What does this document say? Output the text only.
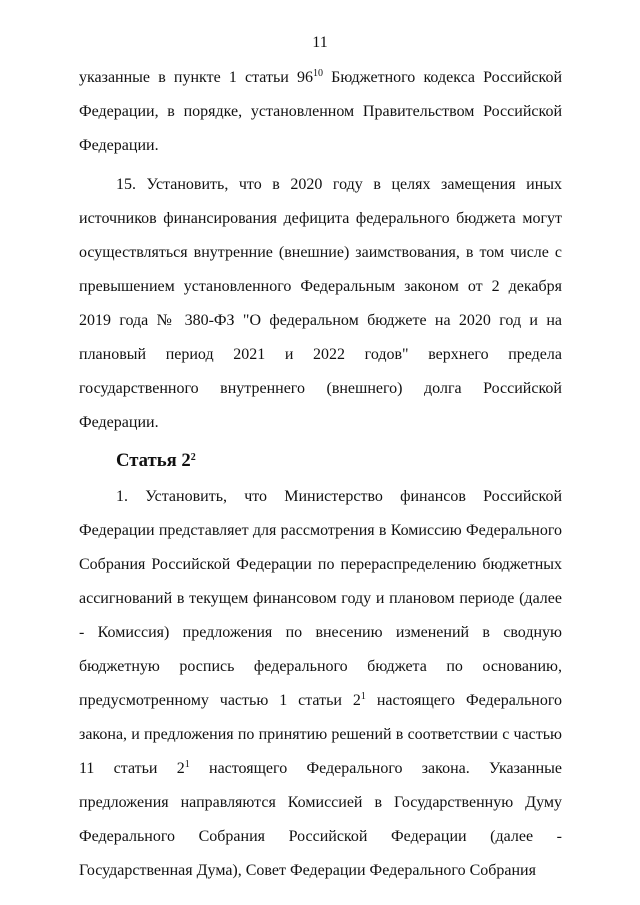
11

указанные в пункте 1 статьи $96^{10}$ Бюджетного кодекса Российской Федерации, в порядке, установленном Правительством Российской Федерации.

15. Установить, что в 2020 году в целях замещения иных источников финансирования дефицита федерального бюджета могут осуществляться внутренние (внешние) заимствования, в том числе с превышением установленного Федеральным законом от 2 декабря 2019 года № 380-ФЗ "О федеральном бюджете на 2020 год и на плановый период 2021 и 2022 годов" верхнего предела государственного внутреннего (внешнего) долга Российской Федерации.

Статья $2^2$

1. Установить, что Министерство финансов Российской Федерации представляет для рассмотрения в Комиссию Федерального Собрания Российской Федерации по перераспределению бюджетных ассигнований в текущем финансовом году и плановом периоде (далее - Комиссия) предложения по внесению изменений в сводную бюджетную роспись федерального бюджета по основанию, предусмотренному частью 1 статьи $2^1$ настоящего Федерального закона, и предложения по принятию решений в соответствии с частью 11 статьи $2^1$ настоящего Федерального закона. Указанные предложения направляются Комиссией в Государственную Думу Федерального Собрания Российской Федерации (далее - Государственная Дума), Совет Федерации Федерального Собрания
